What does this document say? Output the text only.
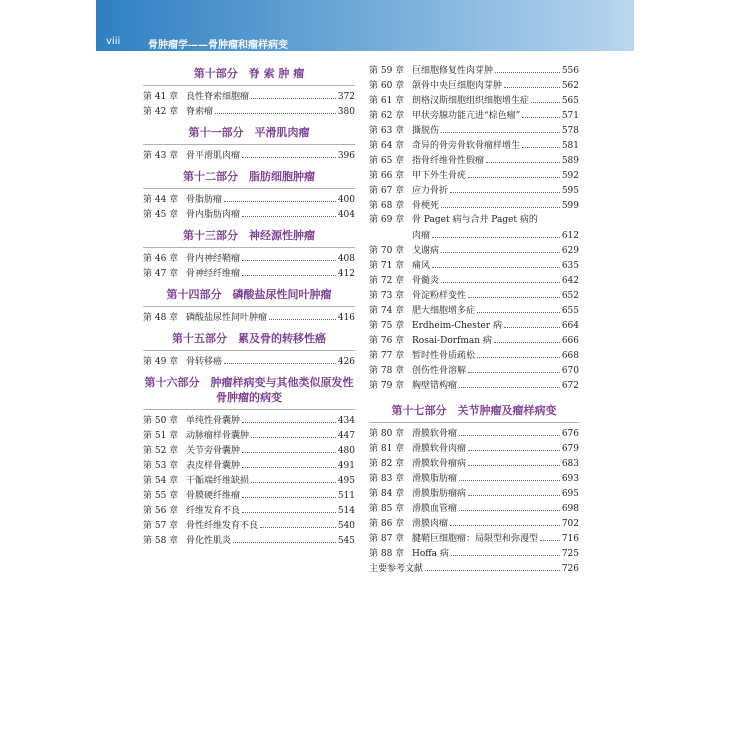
viii	骨肿瘤学——骨肿瘤和瘤样病变
第十部分　脊 索 肿 瘤
第 41 章 良性脊索细胞瘤	372
第 42 章 脊索瘤	380
第十一部分　平滑肌肉瘤
第 43 章 骨平滑肌肉瘤	396
第十二部分　脂肪细胞肿瘤
第 44 章 骨脂肪瘤	400
第 45 章 骨内脂肪肉瘤	404
第十三部分　神经源性肿瘤
第 46 章 骨内神经鞘瘤	408
第 47 章 骨神经纤维瘤	412
第十四部分　磷酸盐尿性间叶肿瘤
第 48 章 磷酸盐尿性间叶肿瘤	416
第十五部分　累及骨的转移性癌
第 49 章 骨转移癌	426
第十六部分　肿瘤样病变与其他类似原发性骨肿瘤的病变
第 50 章 单纯性骨囊肿	434
第 51 章 动脉瘤样骨囊肿	447
第 52 章 关节旁骨囊肿	480
第 53 章 表皮样骨囊肿	491
第 54 章 干骺端纤维缺损	495
第 55 章 骨膜硬纤维瘤	511
第 56 章 纤维发育不良	514
第 57 章 骨性纤维发育不良	540
第 58 章 骨化性肌炎	545
第 59 章 巨细胞修复性肉芽肿	556
第 60 章 颌骨中央巨细胞肉芽肿	562
第 61 章 朗格汉斯细胞组织细胞增生症	565
第 62 章 甲状旁腺功能亢进“棕色瘤”	571
第 63 章 撕脱伤	578
第 64 章 奇异的骨旁骨软骨瘤样增生	581
第 65 章 指骨纤维骨性假瘤	589
第 66 章 甲下外生骨疣	592
第 67 章 应力骨折	595
第 68 章 骨梗死	599
第 69 章 骨 Paget 病与合并 Paget 病的
肉瘤	612
第 70 章 戈谢病	629
第 71 章 痛风	635
第 72 章 骨髓炎	642
第 73 章 骨淀粉样变性	652
第 74 章 肥大细胞增多症	655
第 75 章 Erdheim-Chester 病	664
第 76 章 Rosai-Dorfman 病	666
第 77 章 暂时性骨质疏松	668
第 78 章 创伤性骨溶解	670
第 79 章 胸壁错构瘤	672
第十七部分　关节肿瘤及瘤样病变
第 80 章 滑膜软骨瘤	676
第 81 章 滑膜软骨肉瘤	679
第 82 章 滑膜软骨瘤病	683
第 83 章 滑膜脂肪瘤	693
第 84 章 滑膜脂肪瘤病	695
第 85 章 滑膜血管瘤	698
第 86 章 滑膜肉瘤	702
第 87 章 腱鞘巨细胞瘤：局限型和弥漫型	716
第 88 章 Hoffa 病	725
主要参考文献	726
